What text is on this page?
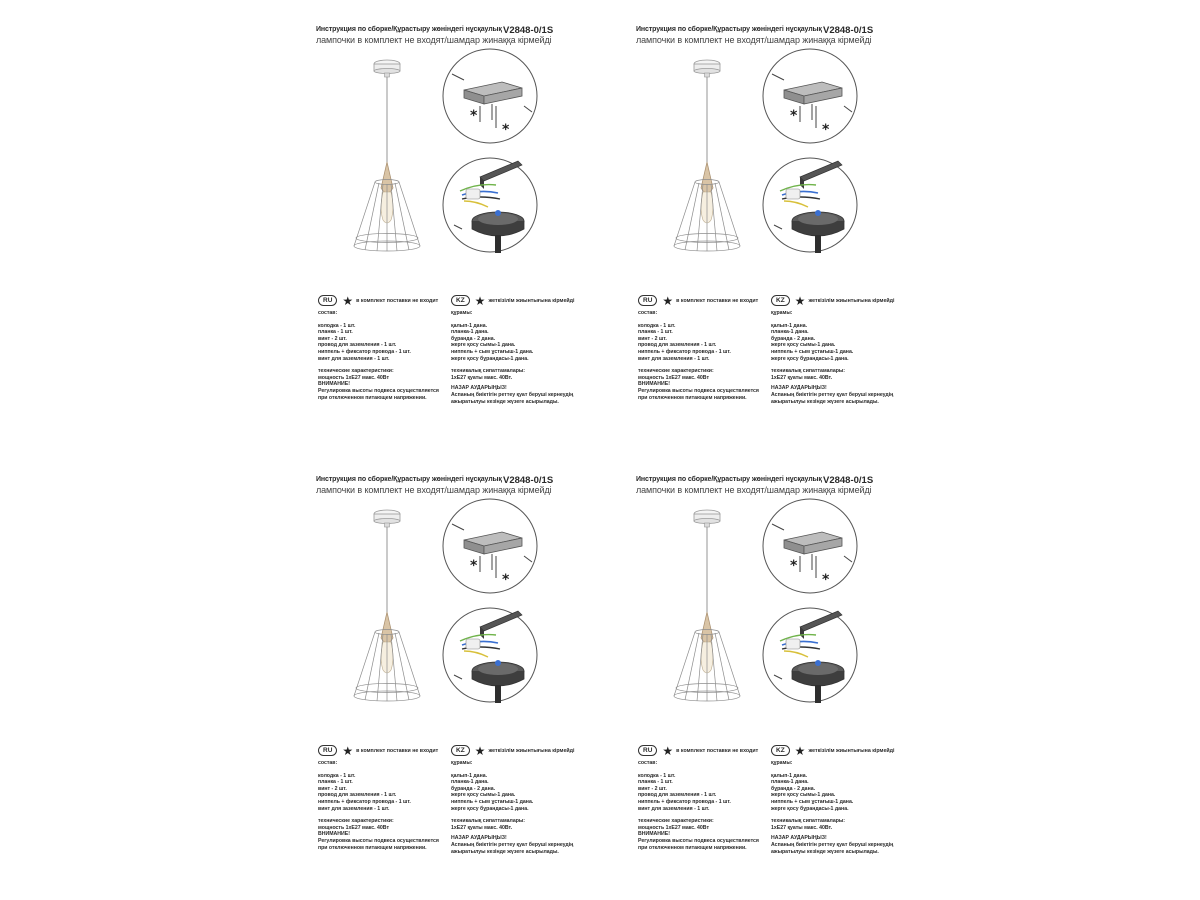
Инструкция по сборке/Құрастыру жөніндегі нұсқаулық V2848-0/1S
лампочки в комплект не входят/шамдар жинаққа кірмейді
*
*
RU ★ в комплект поставки не входит	KZ ★ жеткізілім жиынтығына кірмейді
состав:
колодка - 1 шт.
планка - 1 шт.
винт - 2 шт.
провод для заземления - 1 шт.
ниппель + фиксатор провода - 1 шт.
винт для заземления - 1 шт.
технические характеристики:
мощность 1хЕ27 макс. 40Вт
ВНИМАНИЕ!
Регулировка высоты подвеса осуществляется
при отключенном питающем напряжении.
құрамы:
қалып-1 дана.
планка-1 дана.
бұранда - 2 дана.
жерге қосу сымы-1 дана.
ниппель + сым ұстағыш-1 дана.
жерге қосу бұрандасы-1 дана.
техникалық сипаттамалары:
1хЕ27 қуаты макс. 40Вт.
НАЗАР АУДАРЫҢЫЗ!
Аспаның биіктігін реттеу қуат беруші кернеудің
ажыратылуы кезінде жүзеге асырылады.
Инструкция по сборке/Құрастыру жөніндегі нұсқаулық V2848-0/1S
лампочки в комплект не входят/шамдар жинаққа кірмейді
*
*
RU ★ в комплект поставки не входит	KZ ★ жеткізілім жиынтығына кірмейді
состав:
колодка - 1 шт.
планка - 1 шт.
винт - 2 шт.
провод для заземления - 1 шт.
ниппель + фиксатор провода - 1 шт.
винт для заземления - 1 шт.
технические характеристики:
мощность 1хЕ27 макс. 40Вт
ВНИМАНИЕ!
Регулировка высоты подвеса осуществляется
при отключенном питающем напряжении.
құрамы:
қалып-1 дана.
планка-1 дана.
бұранда - 2 дана.
жерге қосу сымы-1 дана.
ниппель + сым ұстағыш-1 дана.
жерге қосу бұрандасы-1 дана.
техникалық сипаттамалары:
1хЕ27 қуаты макс. 40Вт.
НАЗАР АУДАРЫҢЫЗ!
Аспаның биіктігін реттеу қуат беруші кернеудің
ажыратылуы кезінде жүзеге асырылады.
Инструкция по сборке/Құрастыру жөніндегі нұсқаулық V2848-0/1S
лампочки в комплект не входят/шамдар жинаққа кірмейді
*
*
RU ★ в комплект поставки не входит	KZ ★ жеткізілім жиынтығына кірмейді
состав:
колодка - 1 шт.
планка - 1 шт.
винт - 2 шт.
провод для заземления - 1 шт.
ниппель + фиксатор провода - 1 шт.
винт для заземления - 1 шт.
технические характеристики:
мощность 1хЕ27 макс. 40Вт
ВНИМАНИЕ!
Регулировка высоты подвеса осуществляется
при отключенном питающем напряжении.
құрамы:
қалып-1 дана.
планка-1 дана.
бұранда - 2 дана.
жерге қосу сымы-1 дана.
ниппель + сым ұстағыш-1 дана.
жерге қосу бұрандасы-1 дана.
техникалық сипаттамалары:
1хЕ27 қуаты макс. 40Вт.
НАЗАР АУДАРЫҢЫЗ!
Аспаның биіктігін реттеу қуат беруші кернеудің
ажыратылуы кезінде жүзеге асырылады.
Инструкция по сборке/Құрастыру жөніндегі нұсқаулық V2848-0/1S
лампочки в комплект не входят/шамдар жинаққа кірмейді
*
*
RU ★ в комплект поставки не входит	KZ ★ жеткізілім жиынтығына кірмейді
состав:
колодка - 1 шт.
планка - 1 шт.
винт - 2 шт.
провод для заземления - 1 шт.
ниппель + фиксатор провода - 1 шт.
винт для заземления - 1 шт.
технические характеристики:
мощность 1хЕ27 макс. 40Вт
ВНИМАНИЕ!
Регулировка высоты подвеса осуществляется
при отключенном питающем напряжении.
құрамы:
қалып-1 дана.
планка-1 дана.
бұранда - 2 дана.
жерге қосу сымы-1 дана.
ниппель + сым ұстағыш-1 дана.
жерге қосу бұрандасы-1 дана.
техникалық сипаттамалары:
1хЕ27 қуаты макс. 40Вт.
НАЗАР АУДАРЫҢЫЗ!
Аспаның биіктігін реттеу қуат беруші кернеудің
ажыратылуы кезінде жүзеге асырылады.
